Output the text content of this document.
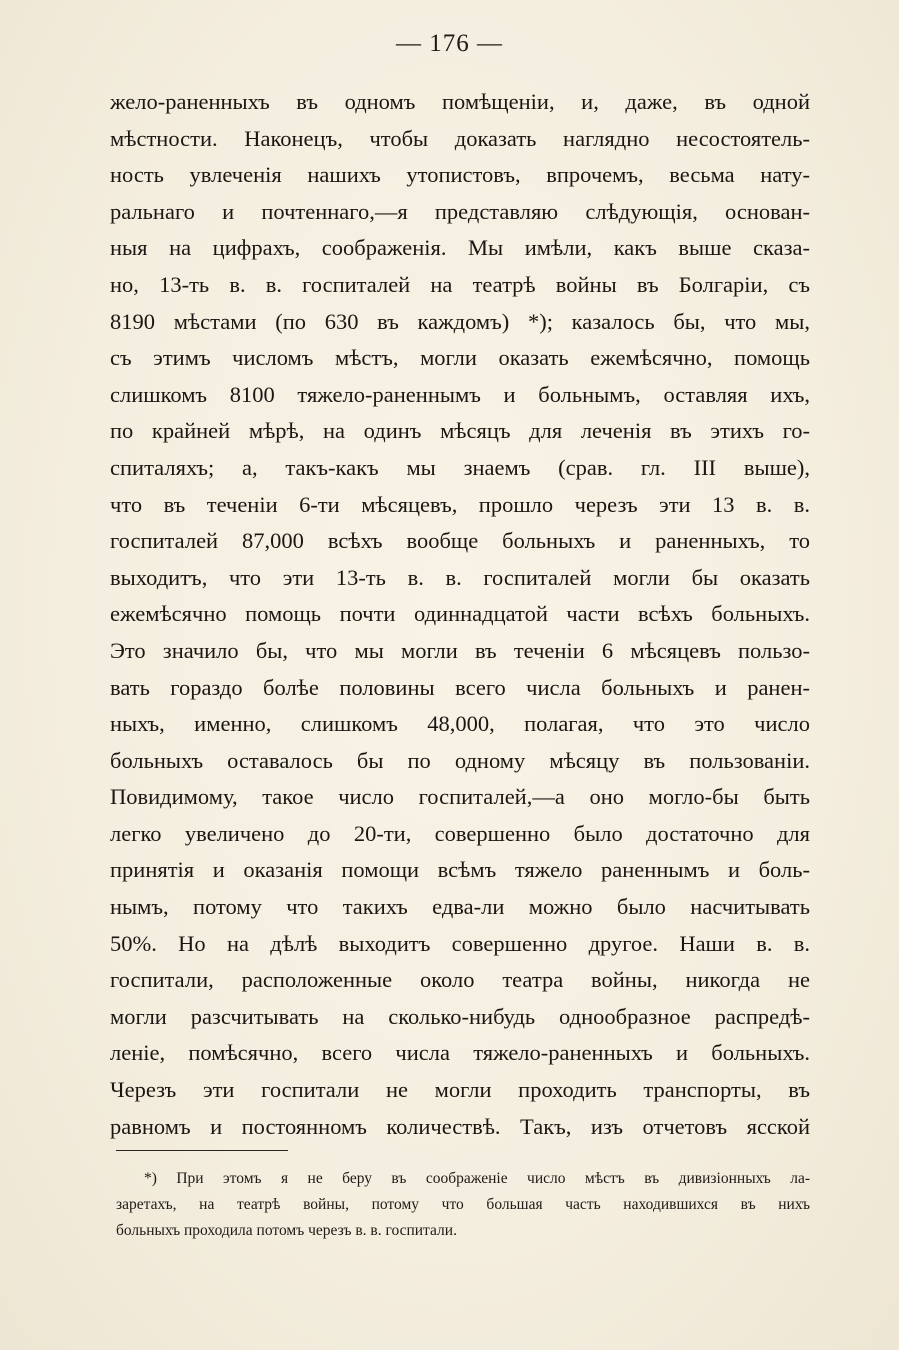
— 176 —
жело-раненныхъ въ одномъ помѣщеніи, и, даже, въ одной
мѣстности. Наконецъ, чтобы доказать наглядно несостоятель-
ность увлеченія нашихъ утопистовъ, впрочемъ, весьма нату-
ральнаго и почтеннаго,—я представляю слѣдующія, основан-
ныя на цифрахъ, соображенія. Мы имѣли, какъ выше сказа-
но, 13-ть в. в. госпиталей на театрѣ войны въ Болгаріи, съ
8190 мѣстами (по 630 въ каждомъ) *); казалось бы, что мы,
съ этимъ числомъ мѣстъ, могли оказать ежемѣсячно, помощь
слишкомъ 8100 тяжело-раненнымъ и больнымъ, оставляя ихъ,
по крайней мѣрѣ, на одинъ мѣсяцъ для леченія въ этихъ го-
спиталяхъ; а, такъ-какъ мы знаемъ (срав. гл. III выше),
что въ теченіи 6-ти мѣсяцевъ, прошло черезъ эти 13 в. в.
госпиталей 87,000 всѣхъ вообще больныхъ и раненныхъ, то
выходитъ, что эти 13-ть в. в. госпиталей могли бы оказать
ежемѣсячно помощь почти одиннадцатой части всѣхъ больныхъ.
Это значило бы, что мы могли въ теченіи 6 мѣсяцевъ пользо-
вать гораздо болѣе половины всего числа больныхъ и ранен-
ныхъ, именно, слишкомъ 48,000, полагая, что это число
больныхъ оставалось бы по одному мѣсяцу въ пользованіи.
Повидимому, такое число госпиталей,—а оно могло-бы быть
легко увеличено до 20-ти, совершенно было достаточно для
принятія и оказанія помощи всѣмъ тяжело раненнымъ и боль-
нымъ, потому что такихъ едва-ли можно было насчитывать
50%. Но на дѣлѣ выходитъ совершенно другое. Наши в. в.
госпитали, расположенные около театра войны, никогда не
могли разсчитывать на сколько-нибудь однообразное распредѣ-
леніе, помѣсячно, всего числа тяжело-раненныхъ и больныхъ.
Черезъ эти госпитали не могли проходить транспорты, въ
равномъ и постоянномъ количествѣ. Такъ, изъ отчетовъ ясской
*) При этомъ я не беру въ соображеніе число мѣстъ въ дивизіонныхъ ла-
заретахъ, на театрѣ войны, потому что большая часть находившихся въ нихъ
больныхъ проходила потомъ черезъ в. в. госпитали.
